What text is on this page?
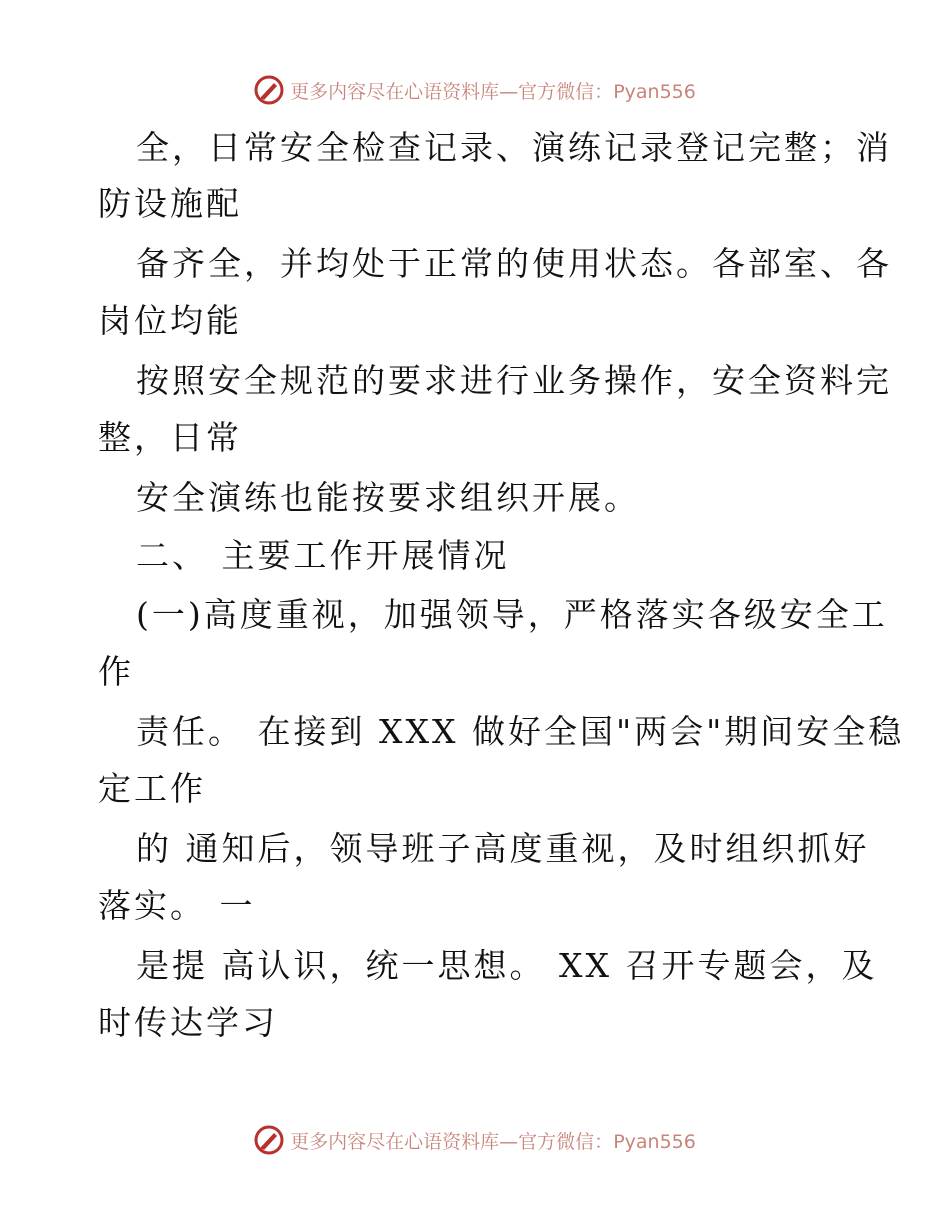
更多内容尽在心语资料库—官方微信：Pyan556
全，日常安全检查记录、演练记录登记完整；消
防设施配
备齐全，并均处于正常的使用状态。各部室、各
岗位均能
按照安全规范的要求进行业务操作，安全资料完
整，日常
安全演练也能按要求组织开展。
二、 主要工作开展情况
(一)高度重视，加强领导，严格落实各级安全工
作
责任。 在接到 XXX 做好全国"两会"期间安全稳
定工作
的 通知后，领导班子高度重视，及时组织抓好
落实。 一
是提 高认识，统一思想。 XX 召开专题会，及
时传达学习
更多内容尽在心语资料库—官方微信：Pyan556
